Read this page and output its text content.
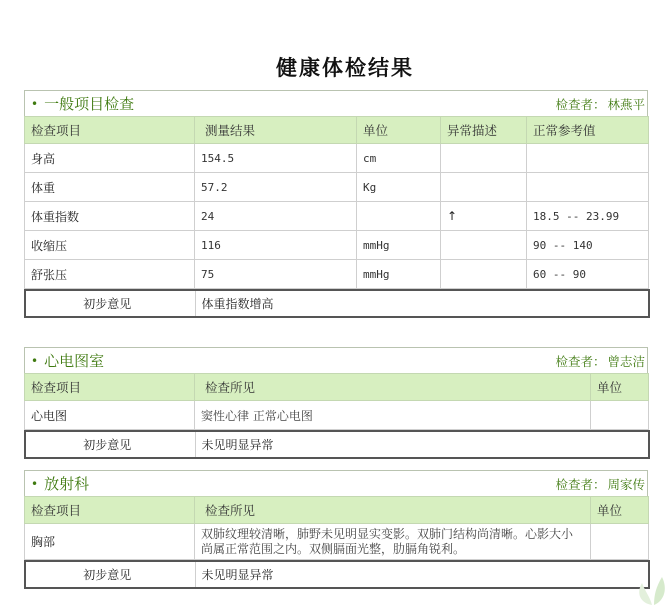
健康体检结果
• 一般项目检查	检查者： 林燕平
检查项目	测量结果	单位	异常描述	正常参考值
身高	154.5	cm		
体重	57.2	Kg		
体重指数	24		↑	18.5 -- 23.99
收缩压	116	mmHg		90 -- 140
舒张压	75	mmHg		60 -- 90
初步意见	体重指数增高
• 心电图室	检查者： 曾志洁
检查项目	检查所见	单位
心电图	窦性心律 正常心电图	
初步意见	未见明显异常
• 放射科	检查者： 周家传
检查项目	检查所见	单位
胸部	双肺纹理较清晰，肺野未见明显实变影。双肺门结构尚清晰。心影大小尚属正常范围之内。双侧膈面光整，肋膈角锐利。	
初步意见	未见明显异常
